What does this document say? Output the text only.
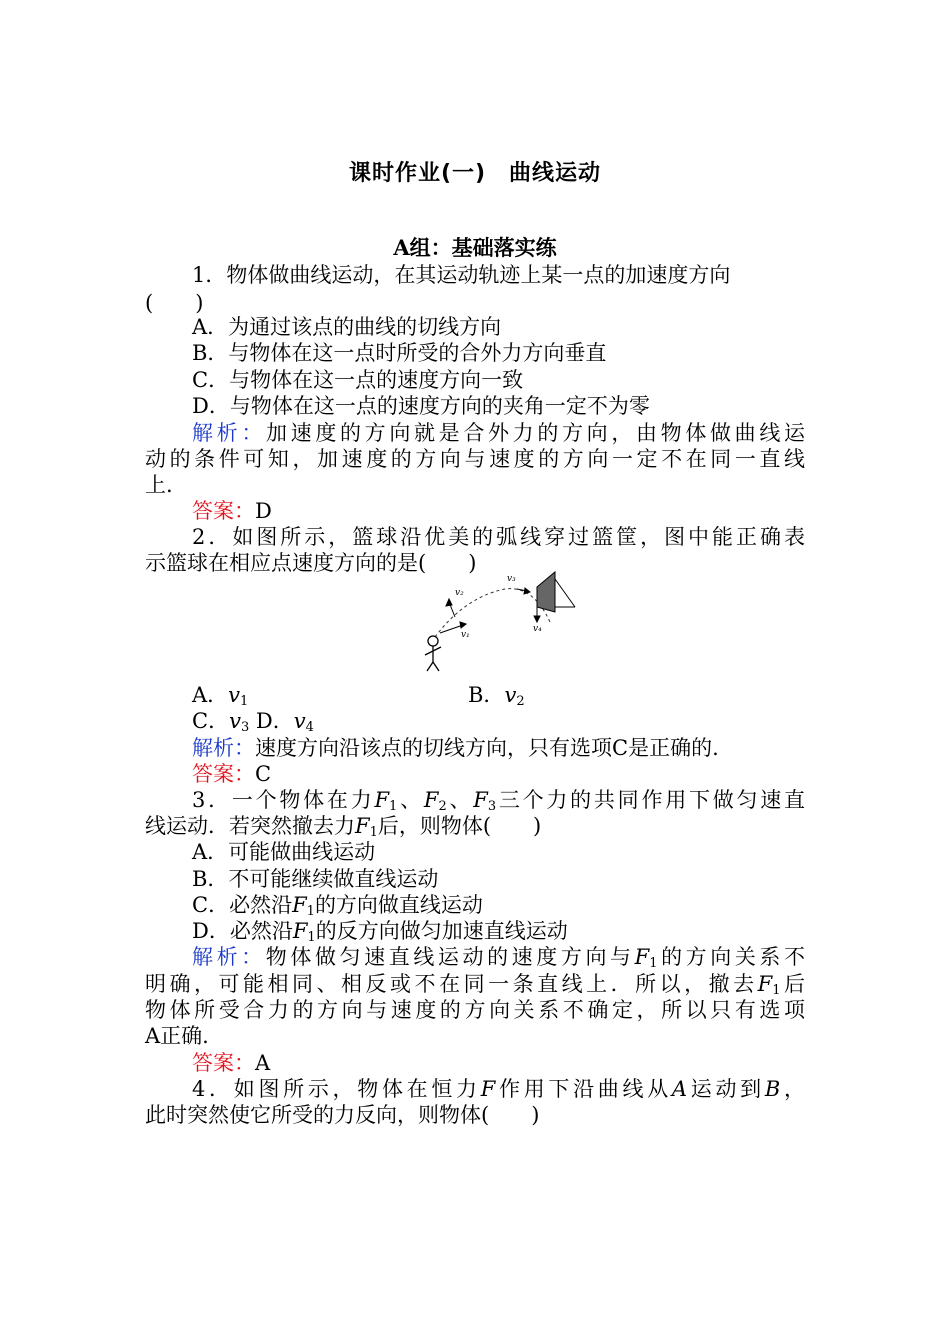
课时作业(一)　曲线运动
A组：基础落实练
1．物体做曲线运动，在其运动轨迹上某一点的加速度方向
(　　)
A．为通过该点的曲线的切线方向
B．与物体在这一点时所受的合外力方向垂直
C．与物体在这一点的速度方向一致
D．与物体在这一点的速度方向的夹角一定不为零
解析：加速度的方向就是合外力的方向，由物体做曲线运
动的条件可知，加速度的方向与速度的方向一定不在同一直线
上.
答案：D
2．如图所示，篮球沿优美的弧线穿过篮筐，图中能正确表
示篮球在相应点速度方向的是(　　)
v₂
v₃
v₁
v₄
A．$v_1$	B．$v_2$
C．$v_3$ D．$v_4$
解析：速度方向沿该点的切线方向，只有选项C是正确的.
答案：C
3．一个物体在力$F_1$、$F_2$、$F_3$三个力的共同作用下做匀速直
线运动．若突然撤去力$F_1$后，则物体(　　)
A．可能做曲线运动
B．不可能继续做直线运动
C．必然沿$F_1$的方向做直线运动
D．必然沿$F_1$的反方向做匀加速直线运动
解析：物体做匀速直线运动的速度方向与$F_1$的方向关系不
明确，可能相同、相反或不在同一条直线上．所以，撤去$F_1$后
物体所受合力的方向与速度的方向关系不确定，所以只有选项
A正确.
答案：A
4．如图所示，物体在恒力F作用下沿曲线从A运动到B，
此时突然使它所受的力反向，则物体(　　)
